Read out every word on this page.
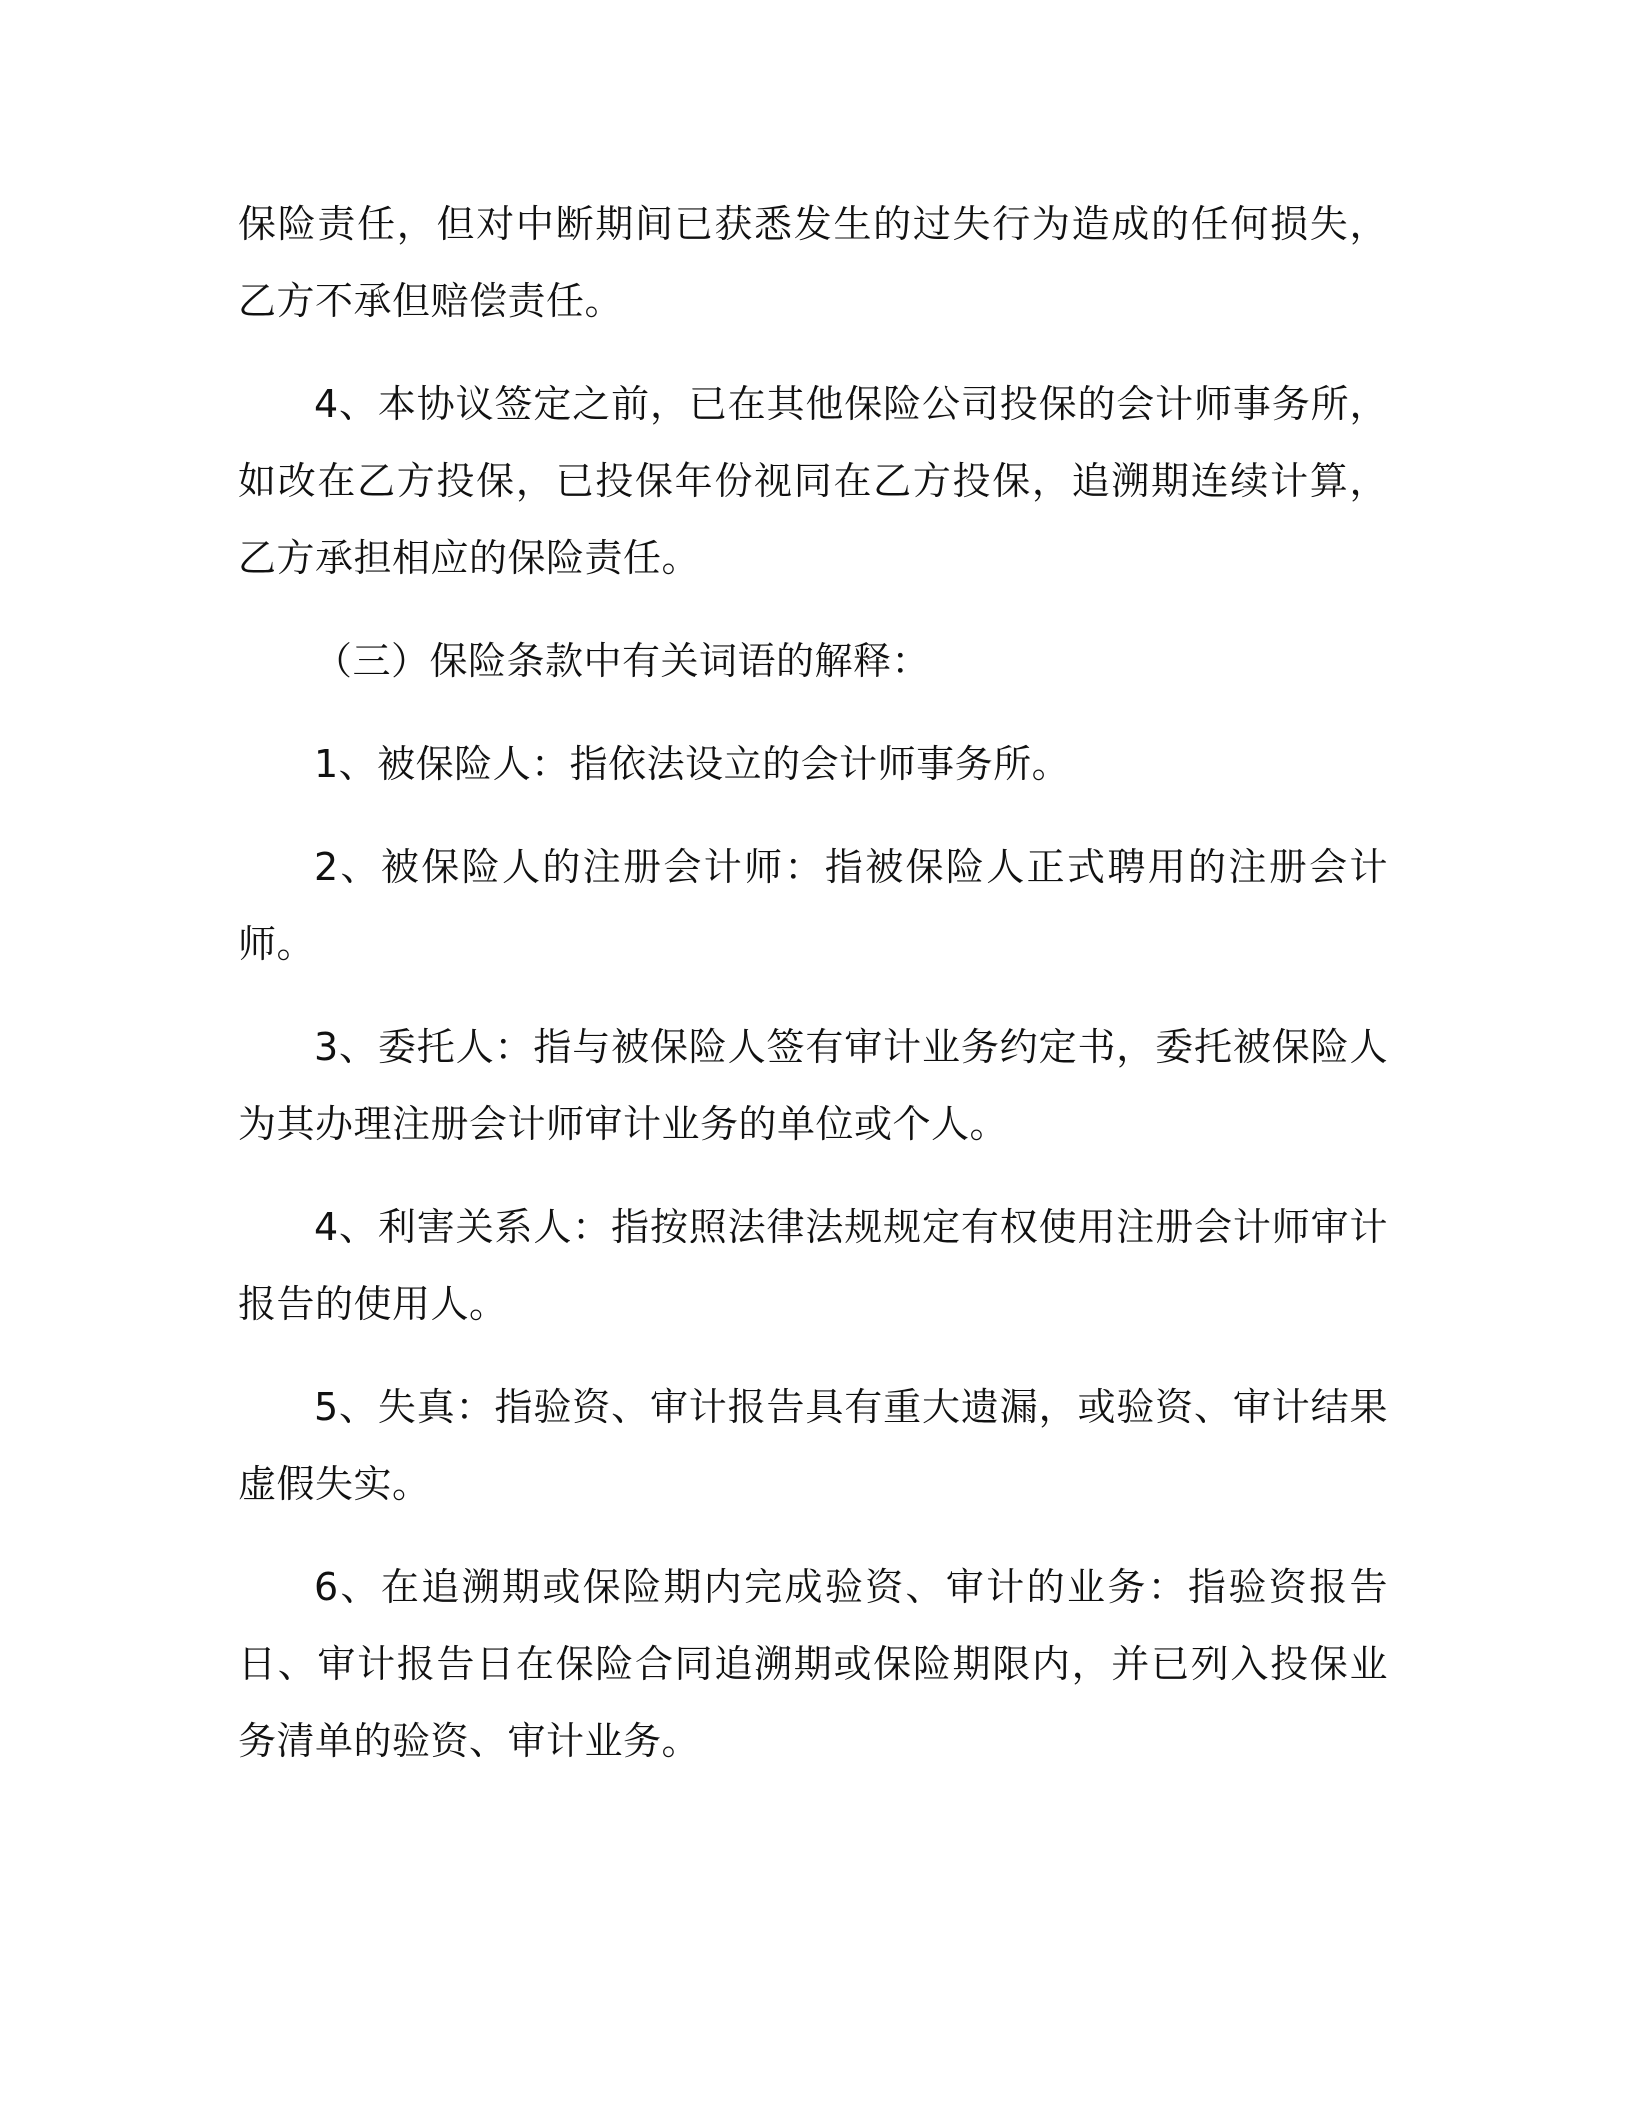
保险责任，但对中断期间已获悉发生的过失行为造成的任何损失，乙方不承但赔偿责任。

4、本协议签定之前，已在其他保险公司投保的会计师事务所，如改在乙方投保，已投保年份视同在乙方投保，追溯期连续计算，乙方承担相应的保险责任。

（三）保险条款中有关词语的解释：

1、被保险人：指依法设立的会计师事务所。

2、被保险人的注册会计师：指被保险人正式聘用的注册会计师。

3、委托人：指与被保险人签有审计业务约定书，委托被保险人为其办理注册会计师审计业务的单位或个人。

4、利害关系人：指按照法律法规规定有权使用注册会计师审计报告的使用人。

5、失真：指验资、审计报告具有重大遗漏，或验资、审计结果虚假失实。

6、在追溯期或保险期内完成验资、审计的业务：指验资报告日、审计报告日在保险合同追溯期或保险期限内，并已列入投保业务清单的验资、审计业务。
